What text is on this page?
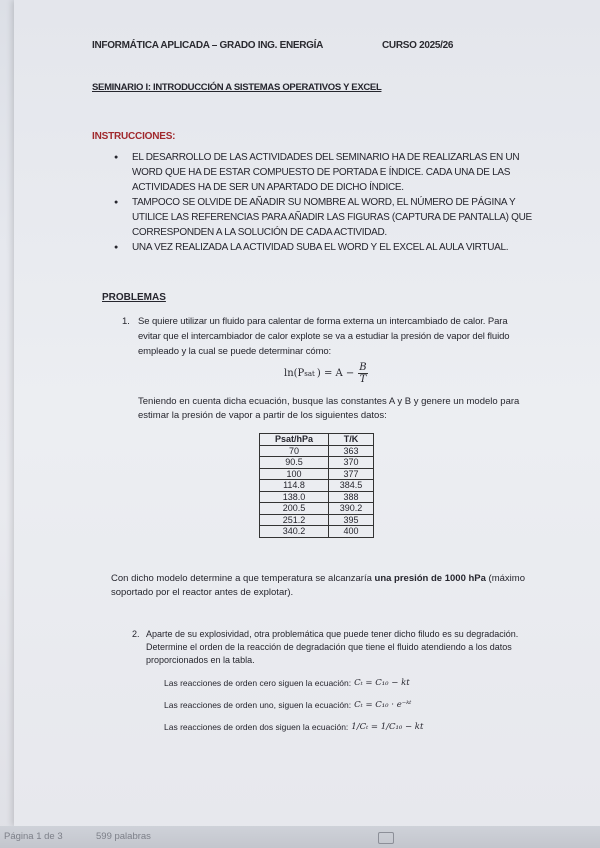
INFORMÁTICA APLICADA – GRADO ING. ENERGÍA	CURSO 2025/26
SEMINARIO I: INTRODUCCIÓN A SISTEMAS OPERATIVOS Y EXCEL
INSTRUCCIONES:
● EL DESARROLLO DE LAS ACTIVIDADES DEL SEMINARIO HA DE REALIZARLAS EN UN WORD QUE HA DE ESTAR COMPUESTO DE PORTADA E ÍNDICE. CADA UNA DE LAS ACTIVIDADES HA DE SER UN APARTADO DE DICHO ÍNDICE.
● TAMPOCO SE OLVIDE DE AÑADIR SU NOMBRE AL WORD, EL NÚMERO DE PÁGINA Y UTILICE LAS REFERENCIAS PARA AÑADIR LAS FIGURAS (CAPTURA DE PANTALLA) QUE CORRESPONDEN A LA SOLUCIÓN DE CADA ACTIVIDAD.
● UNA VEZ REALIZADA LA ACTIVIDAD SUBA EL WORD Y EL EXCEL AL AULA VIRTUAL.
PROBLEMAS
1. Se quiere utilizar un fluido para calentar de forma externa un intercambiado de calor. Para evitar que el intercambiador de calor explote se va a estudiar la presión de vapor del fluido empleado y la cual se puede determinar cómo:
ln(P sat ) = $A - \frac{B}{T}$
Teniendo en cuenta dicha ecuación, busque las constantes A y B y genere un modelo para estimar la presión de vapor a partir de los siguientes datos:
Psat/hPa	T/K
70	363
90.5	370
100	377
114.8	384.5
138.0	388
200.5	390.2
251.2	395
340.2	400
Con dicho modelo determine a que temperatura se alcanzaría una presión de 1000 hPa (máximo soportado por el reactor antes de explotar).
2. Aparte de su explosividad, otra problemática que puede tener dicho filudo es su degradación. Determine el orden de la reacción de degradación que tiene el fluido atendiendo a los datos proporcionados en la tabla.
Las reacciones de orden cero siguen la ecuación: Cₜ = C₁₀ − kt
Las reacciones de orden uno, siguen la ecuación: Cₜ = C₁₀ · e⁻ᵏᵗ
Las reacciones de orden dos siguen la ecuación: 1/Cₜ = 1/C₁₀ − kt
Página 1 de 3	599 palabras
